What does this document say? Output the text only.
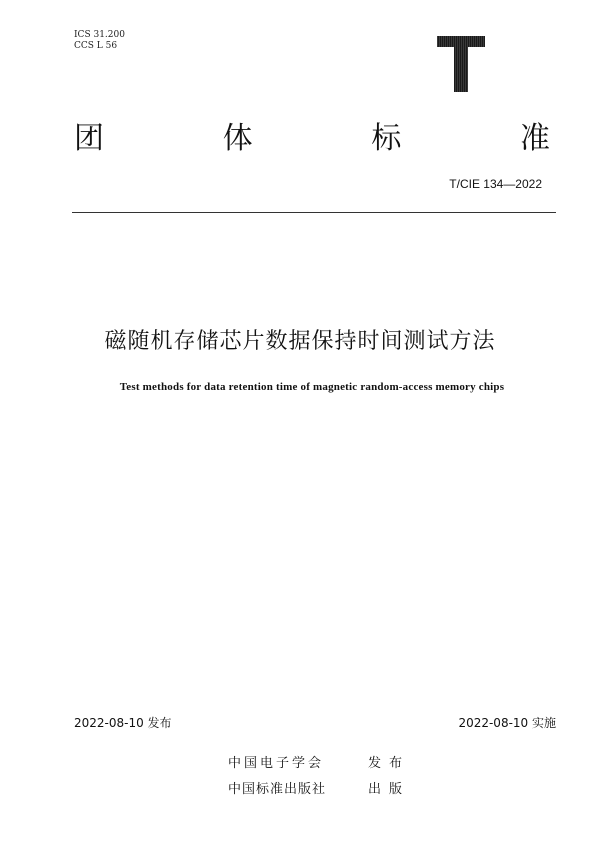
ICS 31.200
CCS L 56
团	体	标	准
T/CIE 134—2022
磁随机存储芯片数据保持时间测试方法
Test methods for data retention time of magnetic random-access memory chips
2022-08-10 发布	2022-08-10 实施
中国电子学会	发布
中国标准出版社	出版
